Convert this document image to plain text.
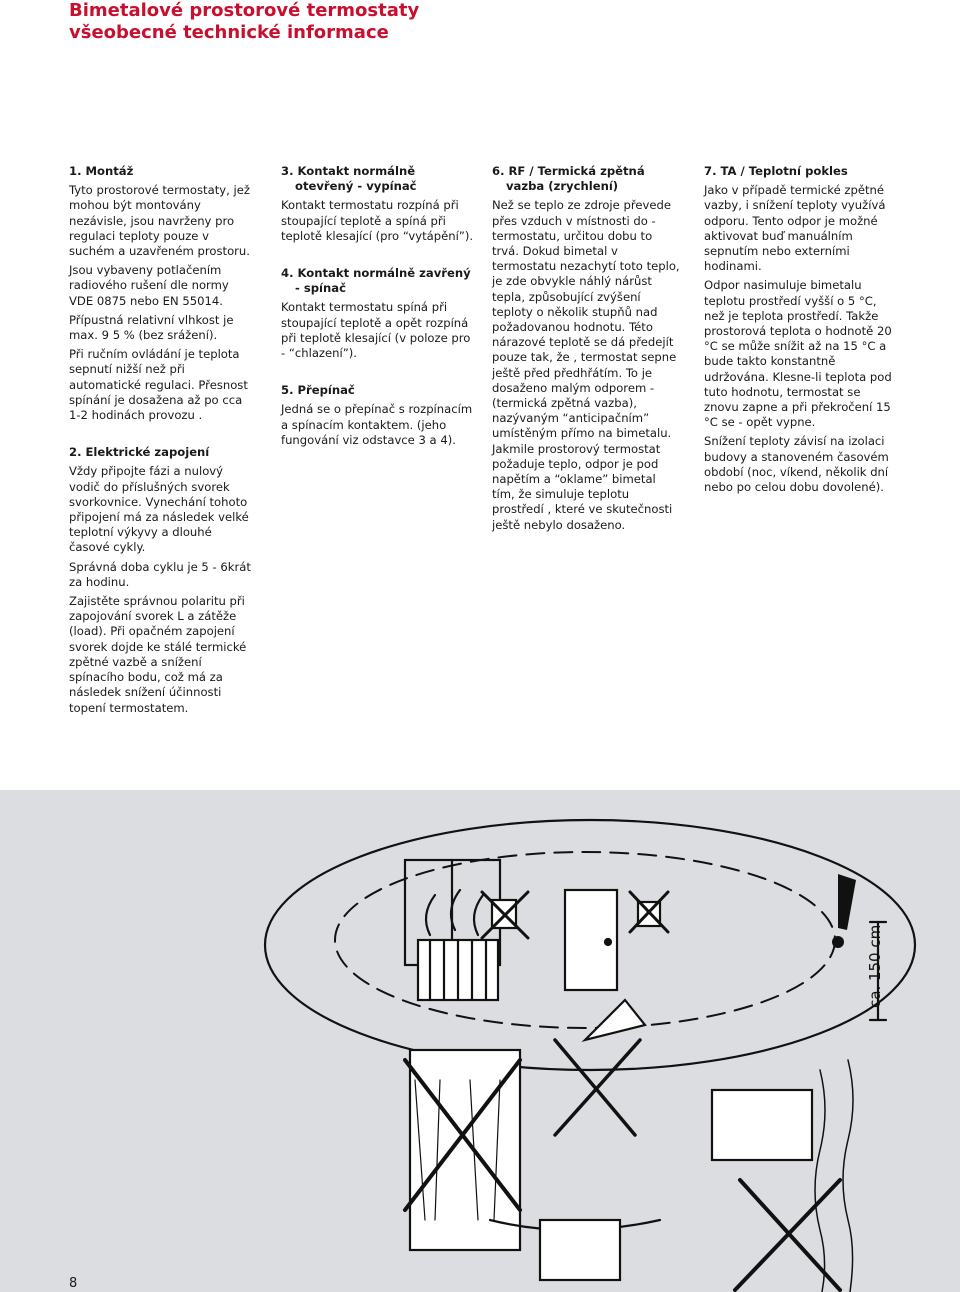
Bimetalové prostorové termostaty
všeobecné technické informace

1. Montáž

Tyto prostorové termostaty, jež mohou být montovány nezávisle, jsou navrženy pro regulaci teploty pouze v suchém a uzavřeném prostoru.

Jsou vybaveny potlačením radiového rušení dle normy VDE 0875 nebo EN 55014.

Přípustná relativní vlhkost je max. 9 5 % (bez srážení).

Při ručním ovládání je teplota sepnutí nižší než při automatické regulaci. Přesnost spínání je dosažena až po cca 1-2 hodinách provozu .

2. Elektrické zapojení

Vždy připojte fázi a nulový vodič do příslušných svorek svorkovnice. Vynechání tohoto připojení má za následek velké teplotní výkyvy a dlouhé časové cykly.

Správná doba cyklu je 5 - 6krát za hodinu.

Zajistěte správnou polaritu při zapojování svorek L a zátěže (load). Při opačném zapojení svorek dojde ke stálé termické zpětné vazbě a snížení spínacího bodu, což má za následek snížení účinnosti topení termostatem.

3. Kontakt normálně otevřený - vypínač

Kontakt termostatu rozpíná při stoupající teplotě a spíná při teplotě klesající (pro “vytápění”).

4. Kontakt normálně zavřený - spínač

Kontakt termostatu spíná při stoupající teplotě a opět rozpíná při teplotě klesající (v poloze pro - “chlazení”).

5. Přepínač

Jedná se o přepínač s rozpínacím a spínacím kontaktem. (jeho fungování viz odstavce 3 a 4).

6. RF / Termická zpětná vazba (zrychlení)

Než se teplo ze zdroje převede přes vzduch v místnosti do - termostatu, určitou dobu to trvá. Dokud bimetal v termostatu nezachytí toto teplo, je zde obvykle náhlý nárůst tepla, způsobující zvýšení teploty o několik stupňů nad požadovanou hodnotu. Této nárazové teplotě se dá předejít pouze tak, že , termostat sepne ještě před předhřátím. To je dosaženo malým odporem - (termická zpětná vazba), nazývaným “anticipačním” umístěným přímo na bimetalu. Jakmile prostorový termostat požaduje teplo, odpor je pod napětím a “oklame” bimetal tím, že simuluje teplotu prostředí , které ve skutečnosti ještě nebylo dosaženo.

7. TA / Teplotní pokles

Jako v případě termické zpětné vazby, i snížení teploty využívá odporu. Tento odpor je možné aktivovat buď manuálním sepnutím nebo externími hodinami.

Odpor nasimuluje bimetalu teplotu prostředí vyšší o 5 °C, než je teplota prostředí. Takže prostorová teplota o hodnotě 20 °C se může snížit až na 15 °C a bude takto konstantně udržována. Klesne-li teplota pod tuto hodnotu, termostat se znovu zapne a při překročení 15 °C se - opět vypne.

Snížení teploty závisí na izolaci budovy a stanoveném časovém období (noc, víkend, několik dní nebo po celou dobu dovolené).

ca. 150 cm
8
